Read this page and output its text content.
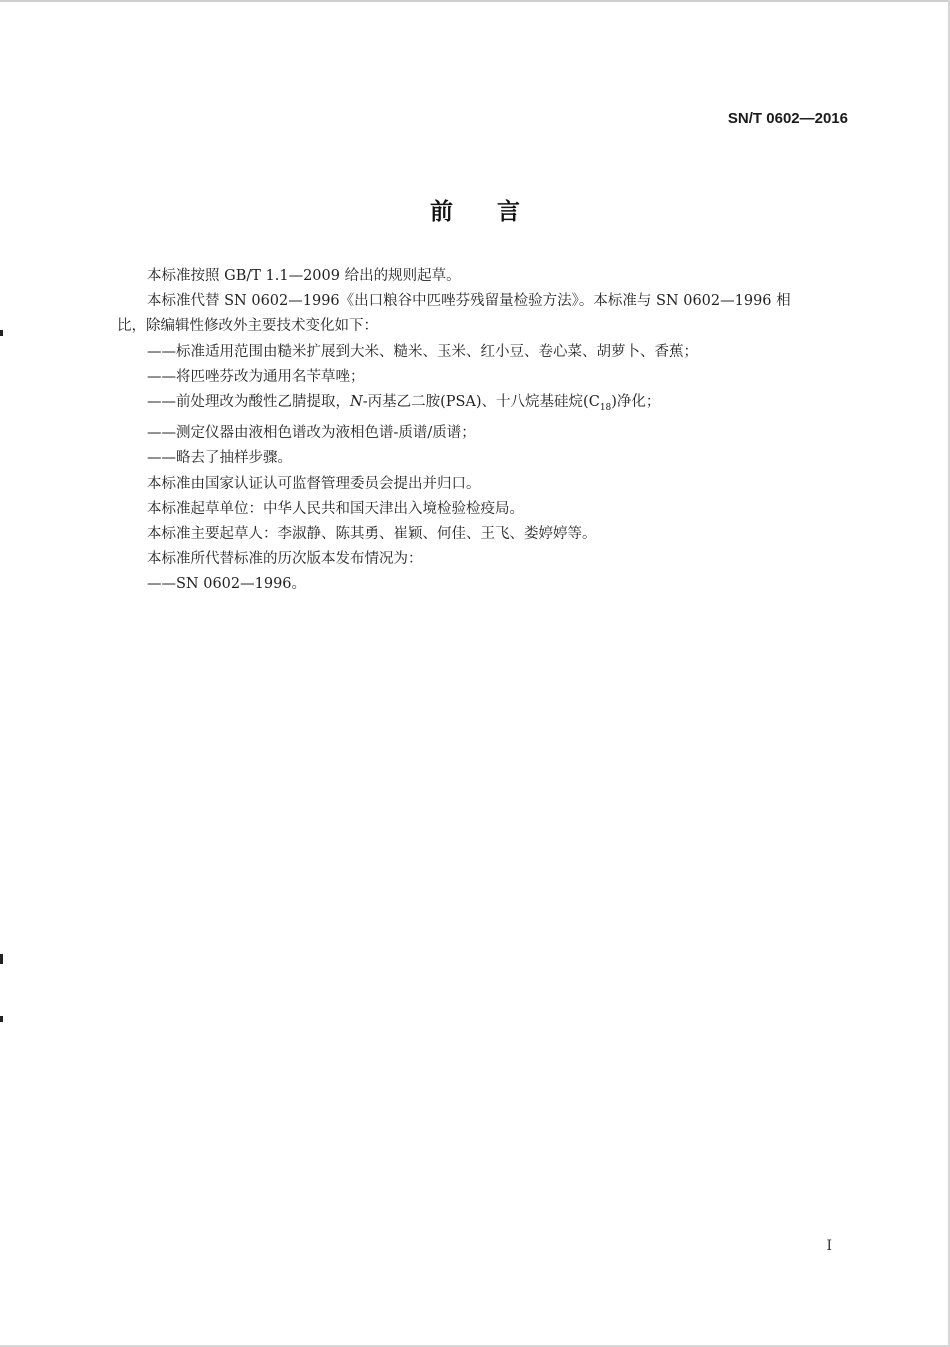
SN/T 0602—2016
前言

本标准按照 GB/T 1.1—2009 给出的规则起草。

本标准代替 SN 0602—1996《出口粮谷中匹唑芬残留量检验方法》。本标准与 SN 0602—1996 相

比，除编辑性修改外主要技术变化如下：

——标准适用范围由糙米扩展到大米、糙米、玉米、红小豆、卷心菜、胡萝卜、香蕉；

——将匹唑芬改为通用名苄草唑；

——前处理改为酸性乙腈提取，N-丙基乙二胺(PSA)、十八烷基硅烷$(C_{18})$净化；

——测定仪器由液相色谱改为液相色谱-质谱/质谱；

——略去了抽样步骤。

本标准由国家认证认可监督管理委员会提出并归口。

本标准起草单位：中华人民共和国天津出入境检验检疫局。

本标准主要起草人：李淑静、陈其勇、崔颖、何佳、王飞、娄婷婷等。

本标准所代替标准的历次版本发布情况为：

——SN 0602—1996。

I
